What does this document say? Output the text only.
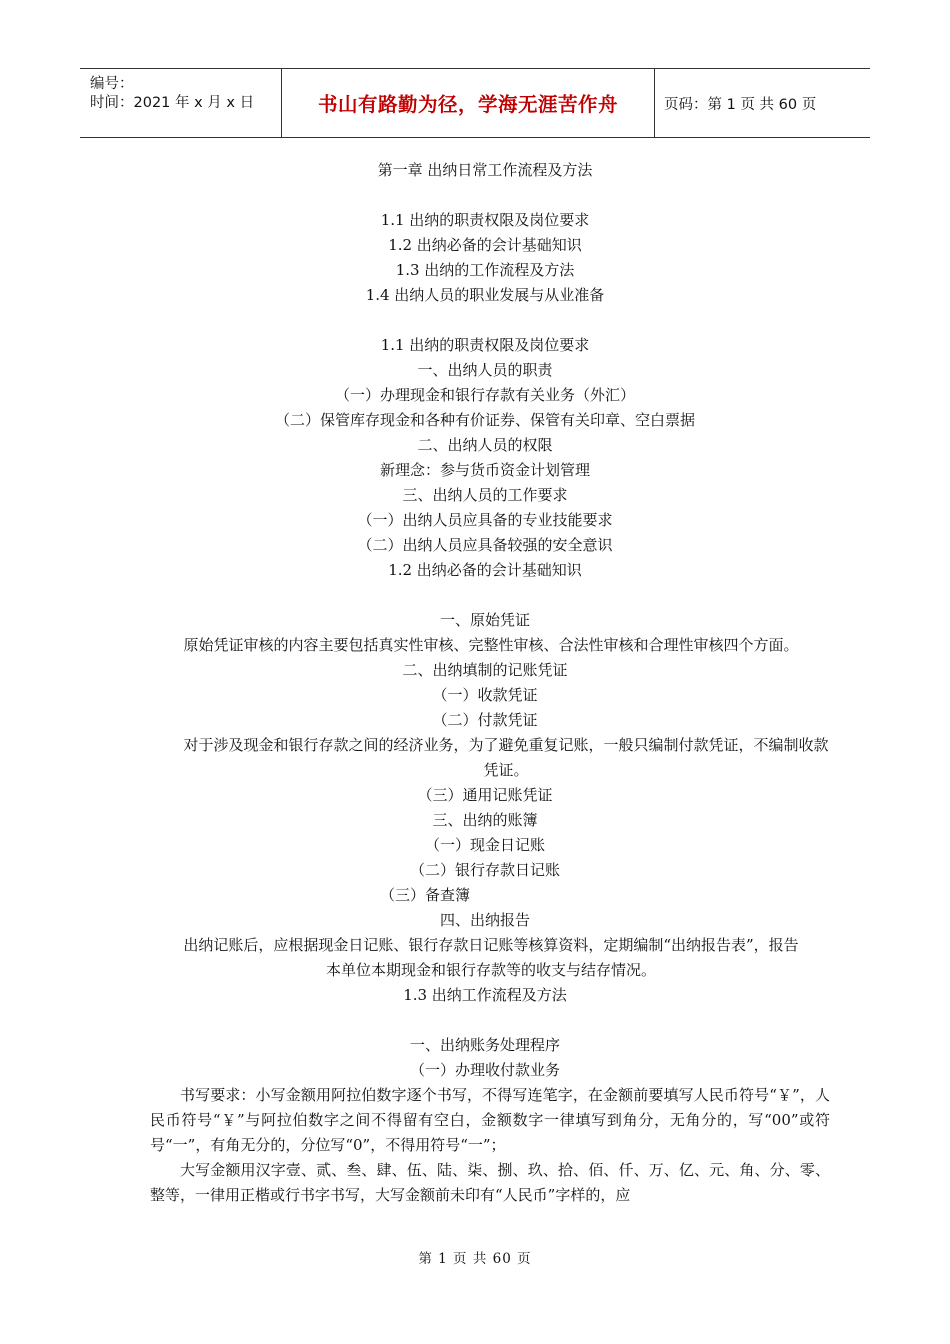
编号：
时间：2021 年 x 月 x 日	书山有路勤为径，学海无涯苦作舟	页码：第 1 页 共 60 页
第一章 出纳日常工作流程及方法
1.1 出纳的职责权限及岗位要求
1.2 出纳必备的会计基础知识
1.3 出纳的工作流程及方法
1.4 出纳人员的职业发展与从业准备
1.1 出纳的职责权限及岗位要求
一、出纳人员的职责
（一）办理现金和银行存款有关业务（外汇）
（二）保管库存现金和各种有价证券、保管有关印章、空白票据
二、出纳人员的权限
新理念：参与货币资金计划管理
三、出纳人员的工作要求
（一）出纳人员应具备的专业技能要求
（二）出纳人员应具备较强的安全意识
1.2 出纳必备的会计基础知识
一、原始凭证
原始凭证审核的内容主要包括真实性审核、完整性审核、合法性审核和合理性审核四个方面。
二、出纳填制的记账凭证
（一）收款凭证
（二）付款凭证
对于涉及现金和银行存款之间的经济业务，为了避免重复记账，一般只编制付款凭证，不编制收款凭证。
（三）通用记账凭证
三、出纳的账簿
（一）现金日记账
（二）银行存款日记账
（三）备查簿
四、出纳报告
出纳记账后，应根据现金日记账、银行存款日记账等核算资料，定期编制“出纳报告表”，报告本单位本期现金和银行存款等的收支与结存情况。
1.3 出纳工作流程及方法
一、出纳账务处理程序
（一）办理收付款业务
书写要求：小写金额用阿拉伯数字逐个书写，不得写连笔字，在金额前要填写人民币符号“￥”，人民币符号“￥”与阿拉伯数字之间不得留有空白，金额数字一律填写到角分，无角分的，写“00”或符号“一”，有角无分的，分位写“0”，不得用符号“一”；
大写金额用汉字壹、贰、叁、肆、伍、陆、柒、捌、玖、拾、佰、仟、万、亿、元、角、分、零、整等，一律用正楷或行书字书写，大写金额前未印有“人民币”字样的，应
第 1 页 共 60 页
